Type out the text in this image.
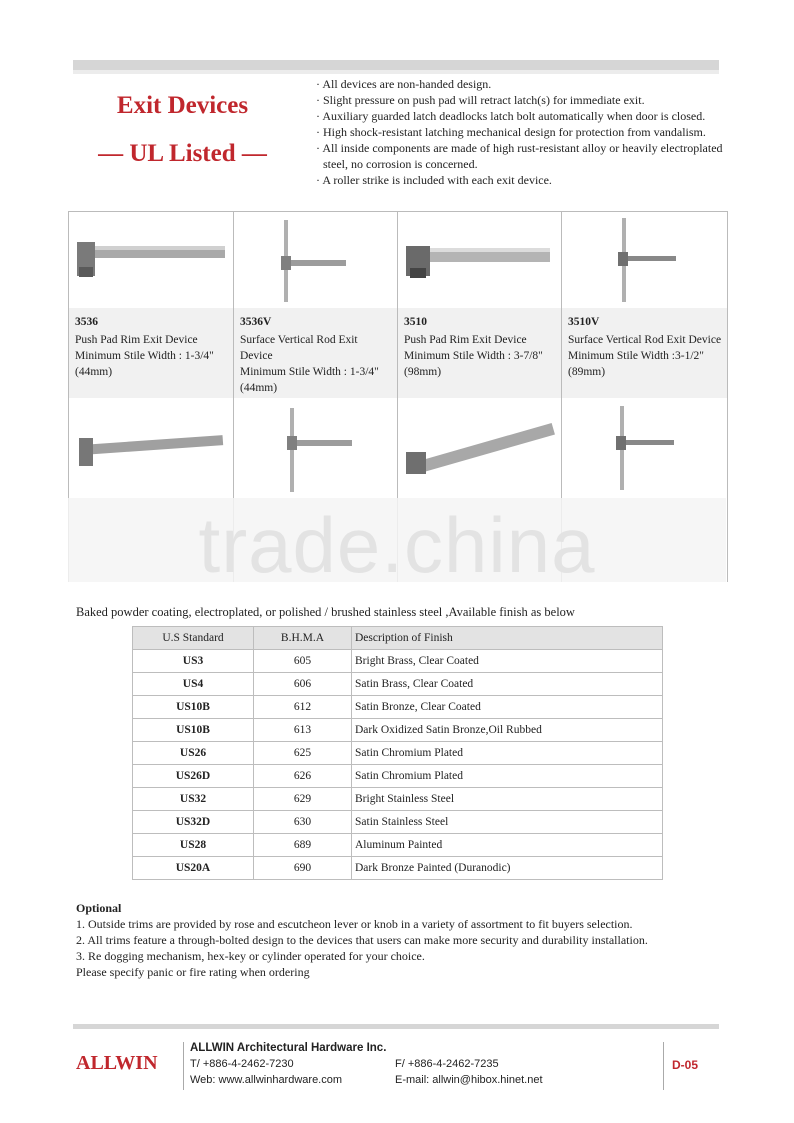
Exit Devices
— UL Listed —
· All devices are non-handed design.
· Slight pressure on push pad will retract latch(s) for immediate exit.
· Auxiliary guarded latch deadlocks latch bolt automatically when door is closed.
· High shock-resistant latching mechanical design for protection from vandalism.
· All inside components are made of high rust-resistant alloy or heavily electroplated steel, no corrosion is concerned.
· A roller strike is included with each exit device.
3536
Push Pad Rim Exit Device
Minimum Stile Width : 1-3/4" (44mm)
3536V
Surface Vertical Rod Exit Device
Minimum Stile Width : 1-3/4" (44mm)
3510
Push Pad Rim Exit Device
Minimum Stile Width : 3-7/8" (98mm)
3510V
Surface Vertical Rod Exit Device
Minimum Stile Width :3-1/2" (89mm)
trade.china
Baked powder coating, electroplated, or polished / brushed stainless steel ,Available finish as below
U.S Standard	B.H.M.A	Description of Finish
US3	605	Bright Brass, Clear Coated
US4	606	Satin Brass, Clear Coated
US10B	612	Satin Bronze, Clear Coated
US10B	613	Dark Oxidized Satin Bronze,Oil Rubbed
US26	625	Satin Chromium Plated
US26D	626	Satin Chromium Plated
US32	629	Bright Stainless Steel
US32D	630	Satin Stainless Steel
US28	689	Aluminum Painted
US20A	690	Dark Bronze Painted (Duranodic)
Optional
1. Outside trims are provided by rose and escutcheon lever or knob in a variety of assortment to fit buyers selection.
2. All trims feature a through-bolted design to the devices that users can make more security and durability installation.
3. Re dogging mechanism, hex-key or cylinder operated for your choice.
Please specify panic or fire rating when ordering
ALLWIN
ALLWIN Architectural Hardware Inc.
T/ +886-4-2462-7230	F/ +886-4-2462-7235
Web: www.allwinhardware.com	E-mail: allwin@hibox.hinet.net
D-05
